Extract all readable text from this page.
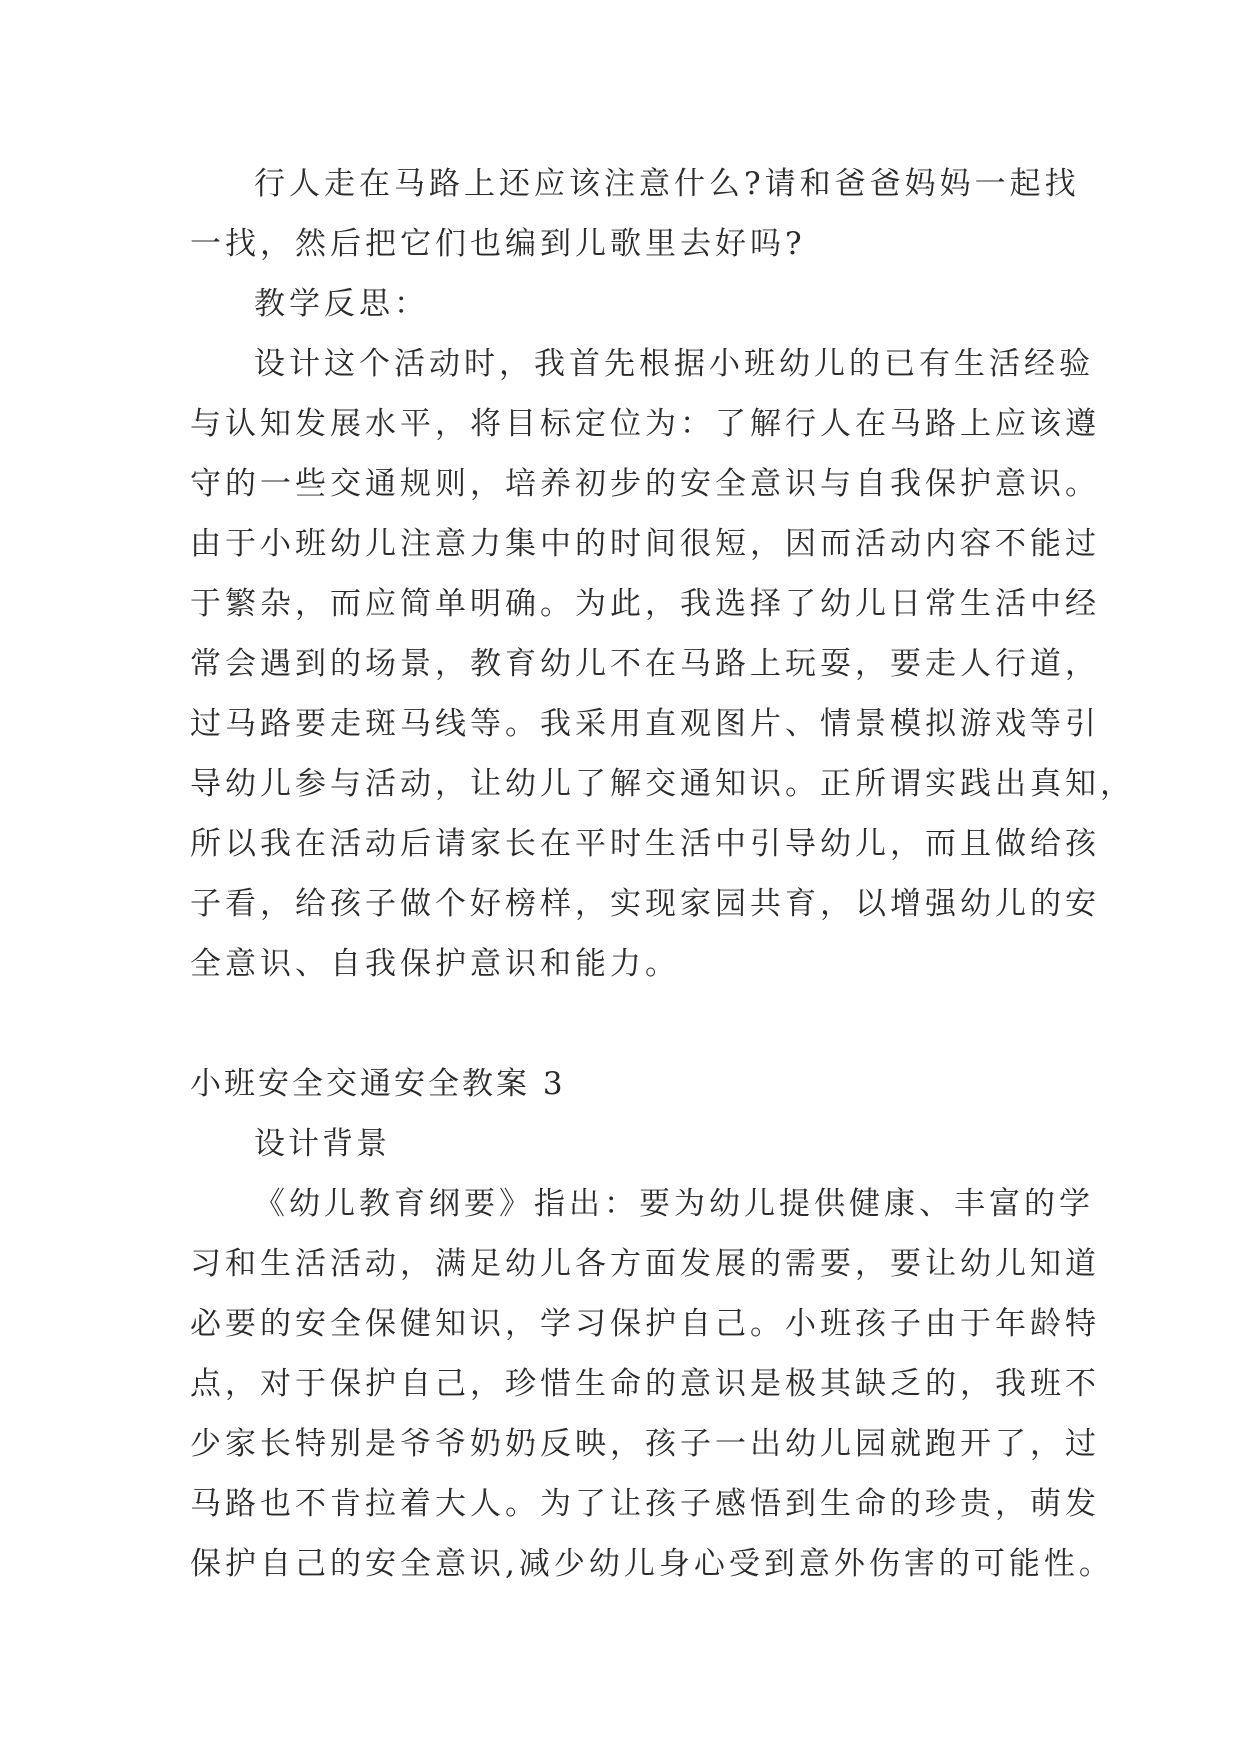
行人走在马路上还应该注意什么?请和爸爸妈妈一起找
一找，然后把它们也编到儿歌里去好吗?
教学反思：
设计这个活动时，我首先根据小班幼儿的已有生活经验
与认知发展水平，将目标定位为：了解行人在马路上应该遵
守的一些交通规则，培养初步的安全意识与自我保护意识。
由于小班幼儿注意力集中的时间很短，因而活动内容不能过
于繁杂，而应简单明确。为此，我选择了幼儿日常生活中经
常会遇到的场景，教育幼儿不在马路上玩耍，要走人行道，
过马路要走斑马线等。我采用直观图片、情景模拟游戏等引
导幼儿参与活动，让幼儿了解交通知识。正所谓实践出真知，
所以我在活动后请家长在平时生活中引导幼儿，而且做给孩
子看，给孩子做个好榜样，实现家园共育，以增强幼儿的安
全意识、自我保护意识和能力。
小班安全交通安全教案 3
设计背景
《幼儿教育纲要》指出：要为幼儿提供健康、丰富的学
习和生活活动，满足幼儿各方面发展的需要，要让幼儿知道
必要的安全保健知识，学习保护自己。小班孩子由于年龄特
点，对于保护自己，珍惜生命的意识是极其缺乏的，我班不
少家长特别是爷爷奶奶反映，孩子一出幼儿园就跑开了，过
马路也不肯拉着大人。为了让孩子感悟到生命的珍贵，萌发
保护自己的安全意识,减少幼儿身心受到意外伤害的可能性。
